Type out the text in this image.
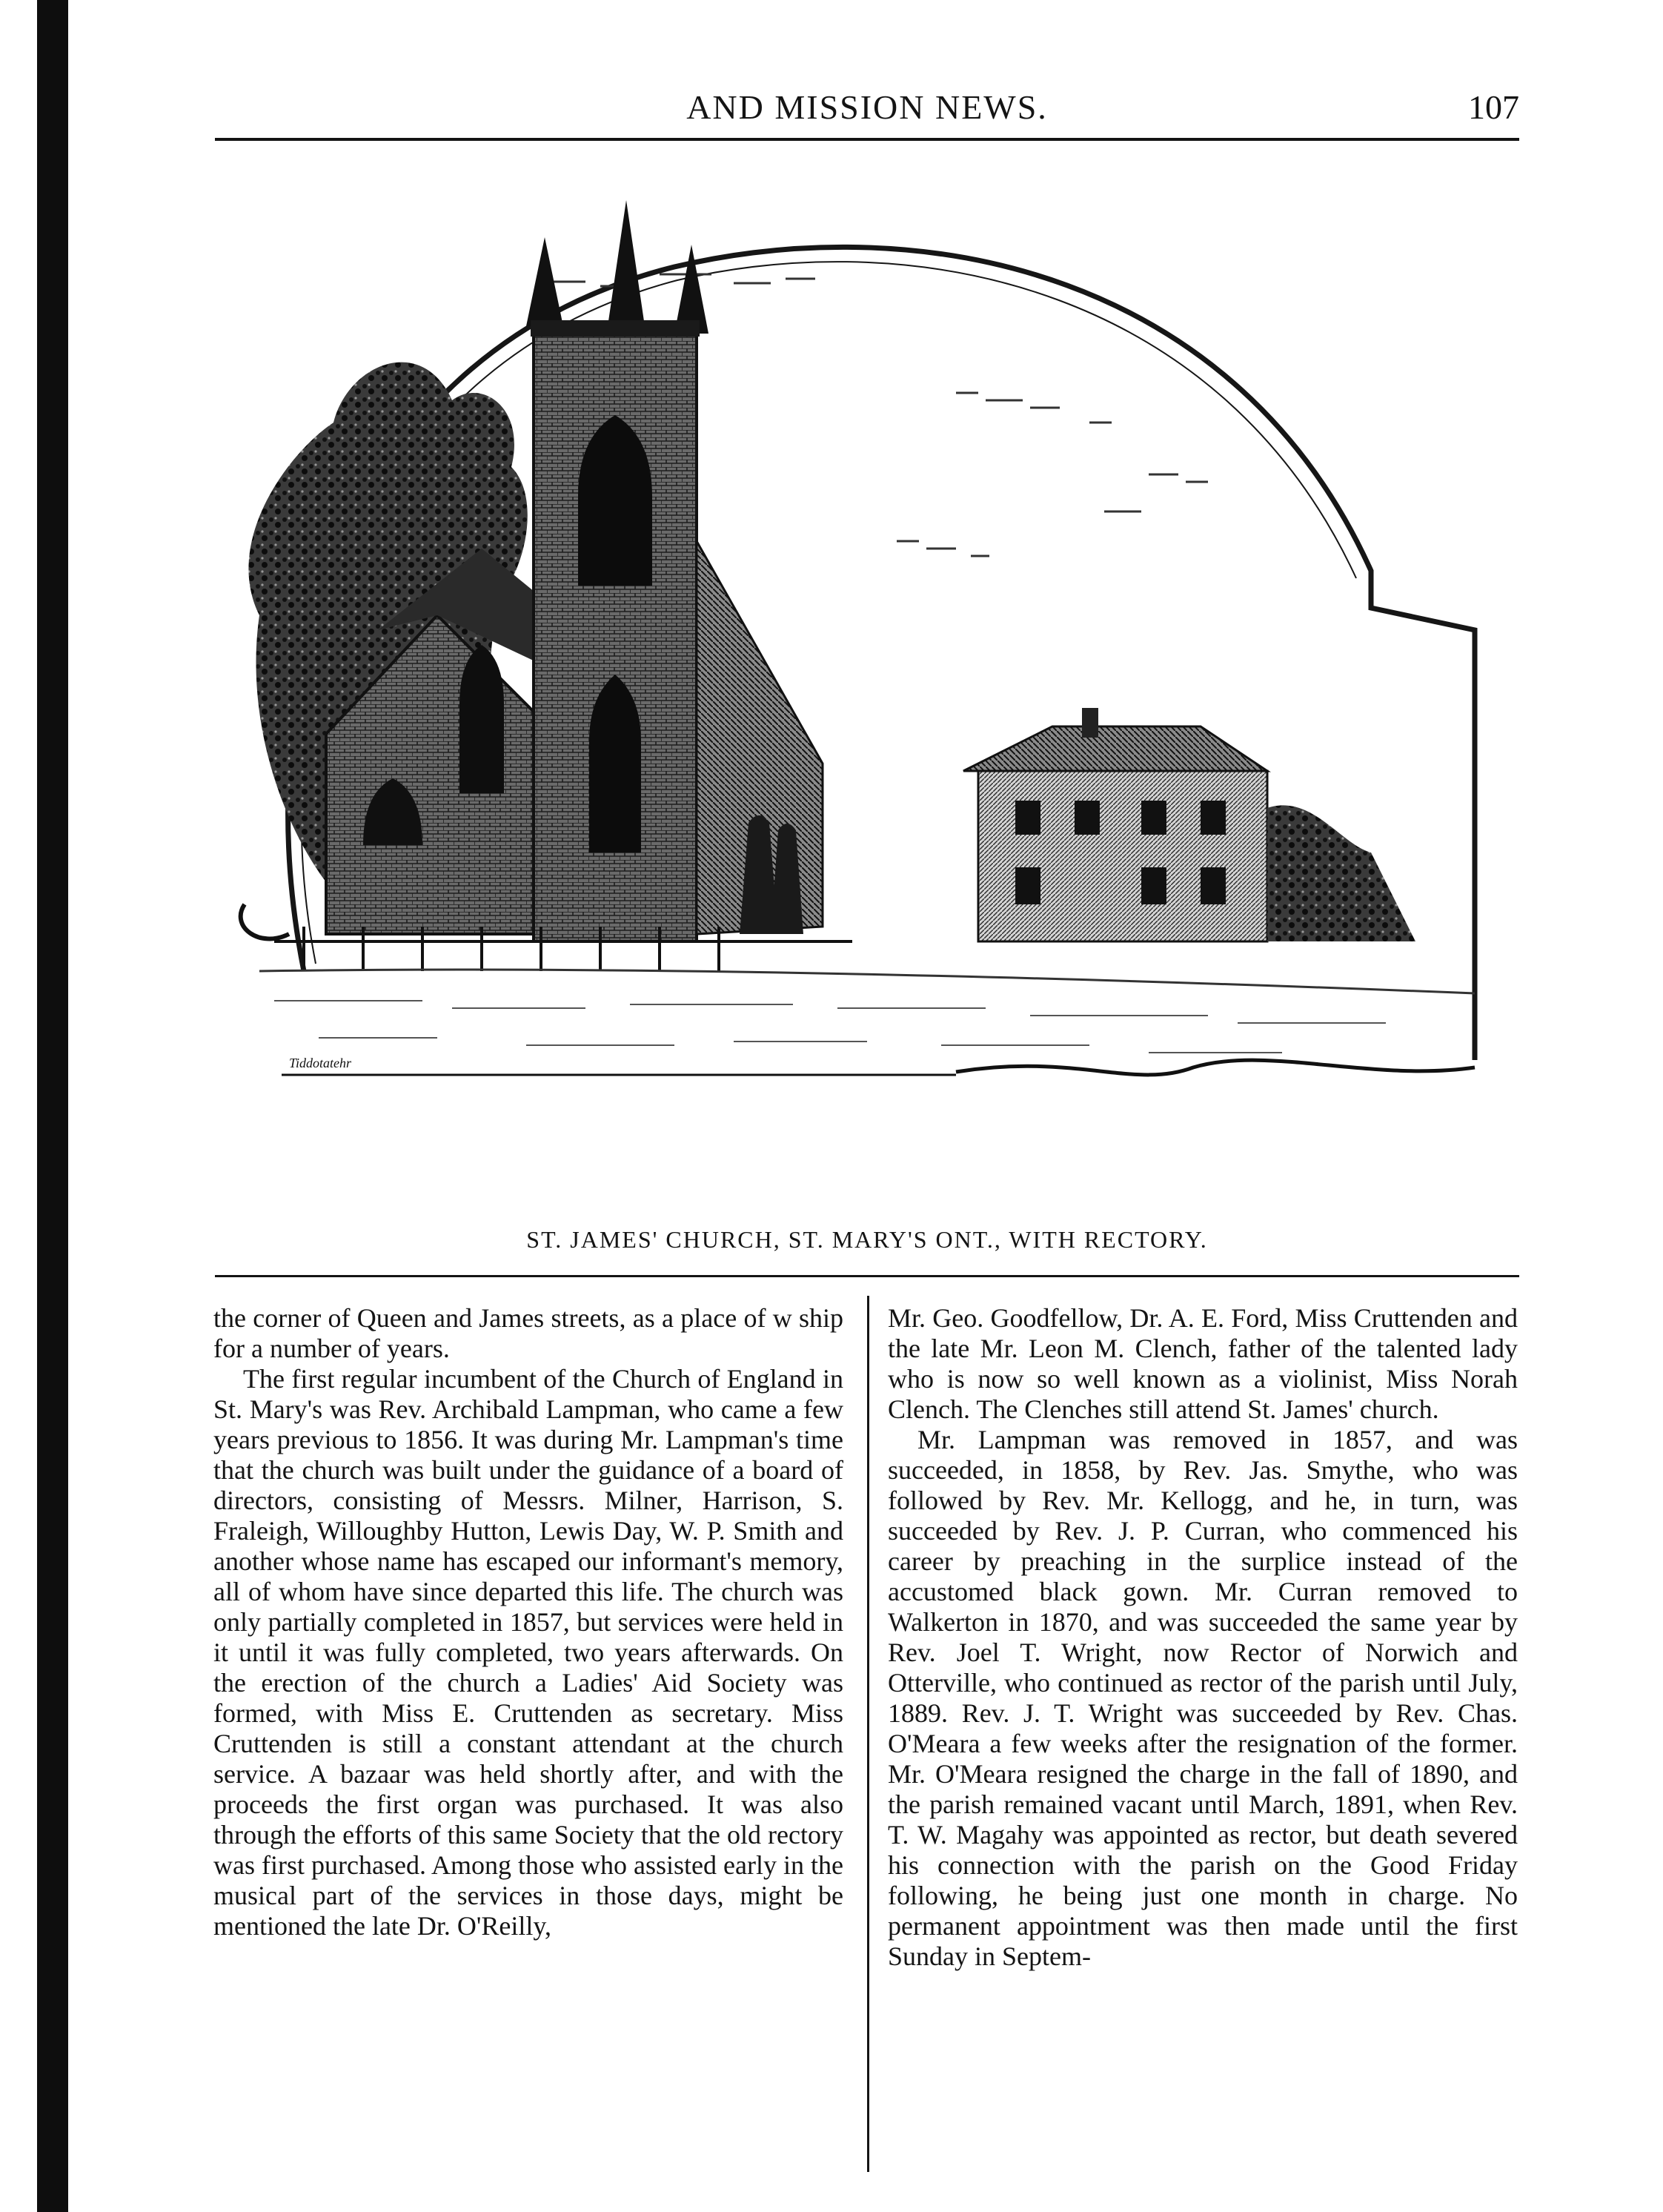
AND MISSION NEWS.	107
Tiddotatehr
ST. JAMES' CHURCH, ST. MARY'S ONT., WITH RECTORY.

the corner of Queen and James streets, as a place of w ship for a number of years.

The first regular incumbent of the Church of England in St. Mary's was Rev. Archibald Lampman, who came a few years previous to 1856. It was during Mr. Lampman's time that the church was built under the guidance of a board of directors, consisting of Messrs. Milner, Harrison, S. Fraleigh, Willoughby Hutton, Lewis Day, W. P. Smith and another whose name has escaped our informant's memory, all of whom have since departed this life. The church was only partially completed in 1857, but services were held in it until it was fully completed, two years afterwards. On the erection of the church a Ladies' Aid Society was formed, with Miss E. Cruttenden as secretary. Miss Cruttenden is still a constant attendant at the church service. A bazaar was held shortly after, and with the proceeds the first organ was purchased. It was also through the efforts of this same Society that the old rectory was first purchased. Among those who assisted early in the musical part of the services in those days, might be mentioned the late Dr. O'Reilly,

Mr. Geo. Goodfellow, Dr. A. E. Ford, Miss Cruttenden and the late Mr. Leon M. Clench, father of the talented lady who is now so well known as a violinist, Miss Norah Clench. The Clenches still attend St. James' church.

Mr. Lampman was removed in 1857, and was succeeded, in 1858, by Rev. Jas. Smythe, who was followed by Rev. Mr. Kellogg, and he, in turn, was succeeded by Rev. J. P. Curran, who commenced his career by preaching in the surplice instead of the accustomed black gown. Mr. Curran removed to Walkerton in 1870, and was succeeded the same year by Rev. Joel T. Wright, now Rector of Norwich and Otterville, who continued as rector of the parish until July, 1889. Rev. J. T. Wright was succeeded by Rev. Chas. O'Meara a few weeks after the resignation of the former. Mr. O'Meara resigned the charge in the fall of 1890, and the parish remained vacant until March, 1891, when Rev. T. W. Magahy was appointed as rector, but death severed his connection with the parish on the Good Friday following, he being just one month in charge. No permanent appointment was then made until the first Sunday in Septem-
